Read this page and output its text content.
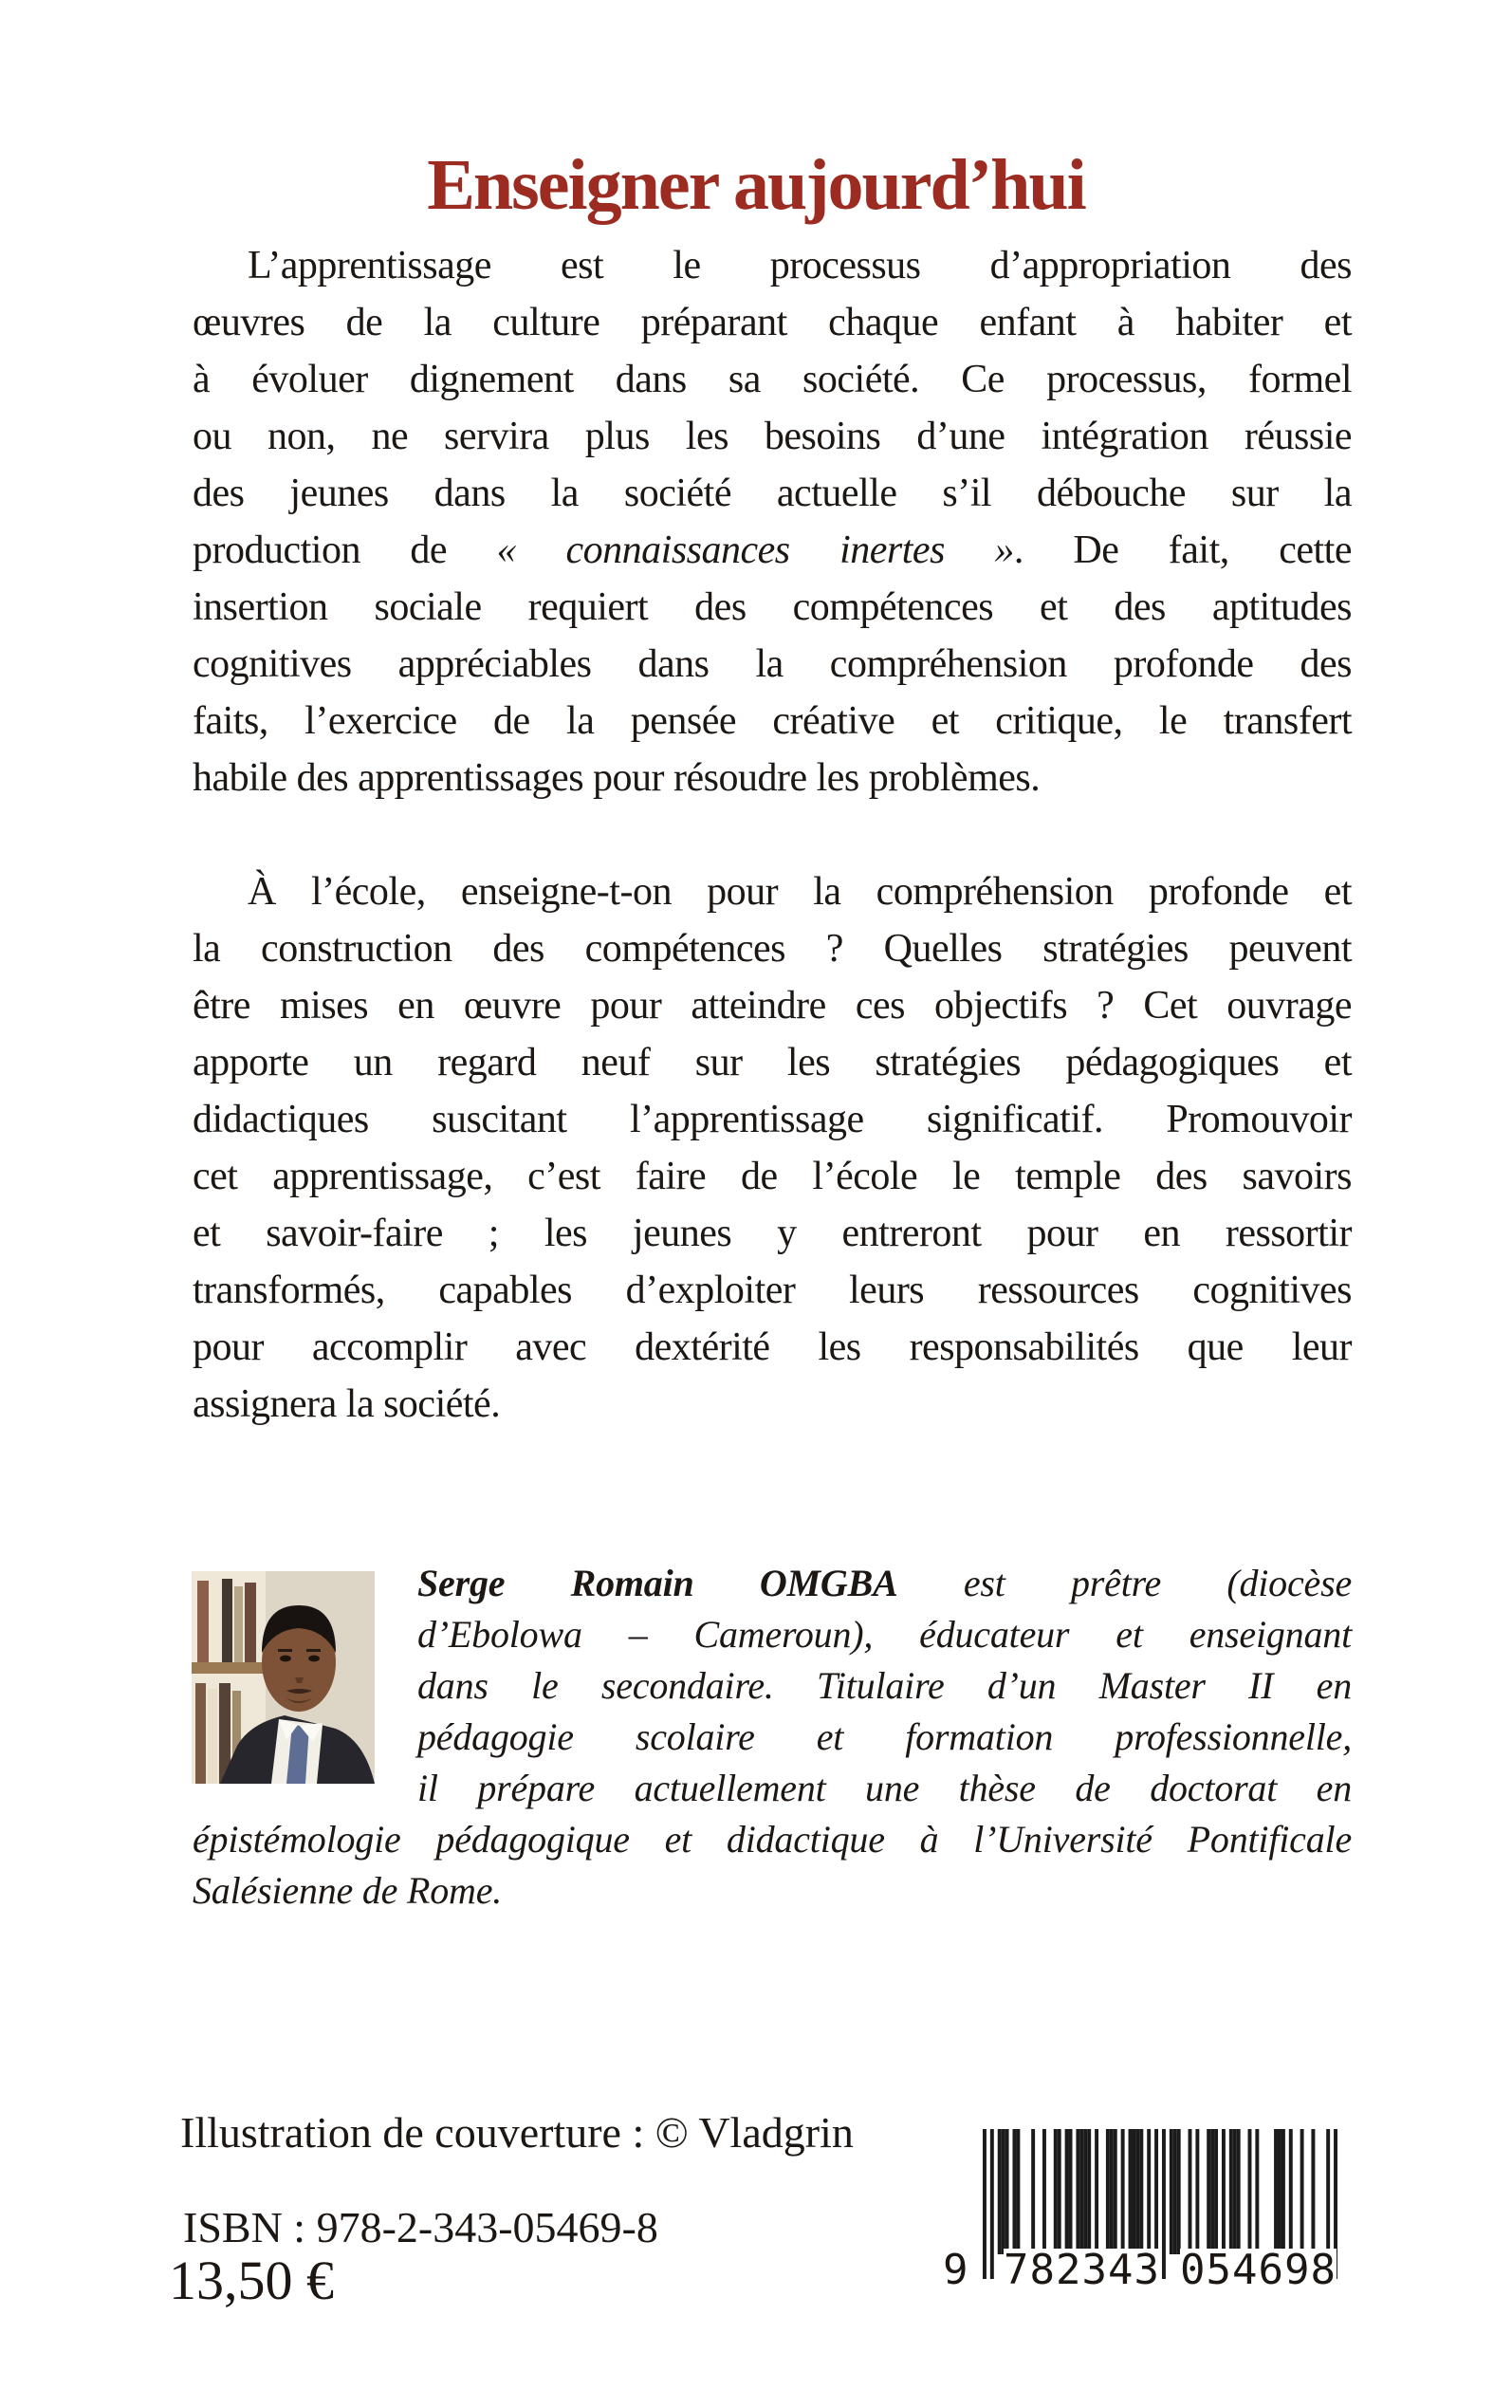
Enseigner aujourd’hui
L’apprentissage est le processus d’appropriation des
œuvres de la culture préparant chaque enfant à habiter et
à évoluer dignement dans sa société. Ce processus, formel
ou non, ne servira plus les besoins d’une intégration réussie
des jeunes dans la société actuelle s’il débouche sur la
production de « connaissances inertes ». De fait, cette
insertion sociale requiert des compétences et des aptitudes
cognitives appréciables dans la compréhension profonde des
faits, l’exercice de la pensée créative et critique, le transfert
habile des apprentissages pour résoudre les problèmes.
À l’école, enseigne-t-on pour la compréhension profonde et
la construction des compétences ? Quelles stratégies peuvent
être mises en œuvre pour atteindre ces objectifs ? Cet ouvrage
apporte un regard neuf sur les stratégies pédagogiques et
didactiques suscitant l’apprentissage significatif. Promouvoir
cet apprentissage, c’est faire de l’école le temple des savoirs
et savoir-faire ; les jeunes y entreront pour en ressortir
transformés, capables d’exploiter leurs ressources cognitives
pour accomplir avec dextérité les responsabilités que leur
assignera la société.
Serge Romain OMGBA est prêtre (diocèse
d’Ebolowa – Cameroun), éducateur et enseignant
dans le secondaire. Titulaire d’un Master II en
pédagogie scolaire et formation professionnelle,
il prépare actuellement une thèse de doctorat en
épistémologie pédagogique et didactique à l’Université Pontificale
Salésienne de Rome.
Illustration de couverture : © Vladgrin
ISBN : 978-2-343-05469-8
13,50 €	9 782343 054698
